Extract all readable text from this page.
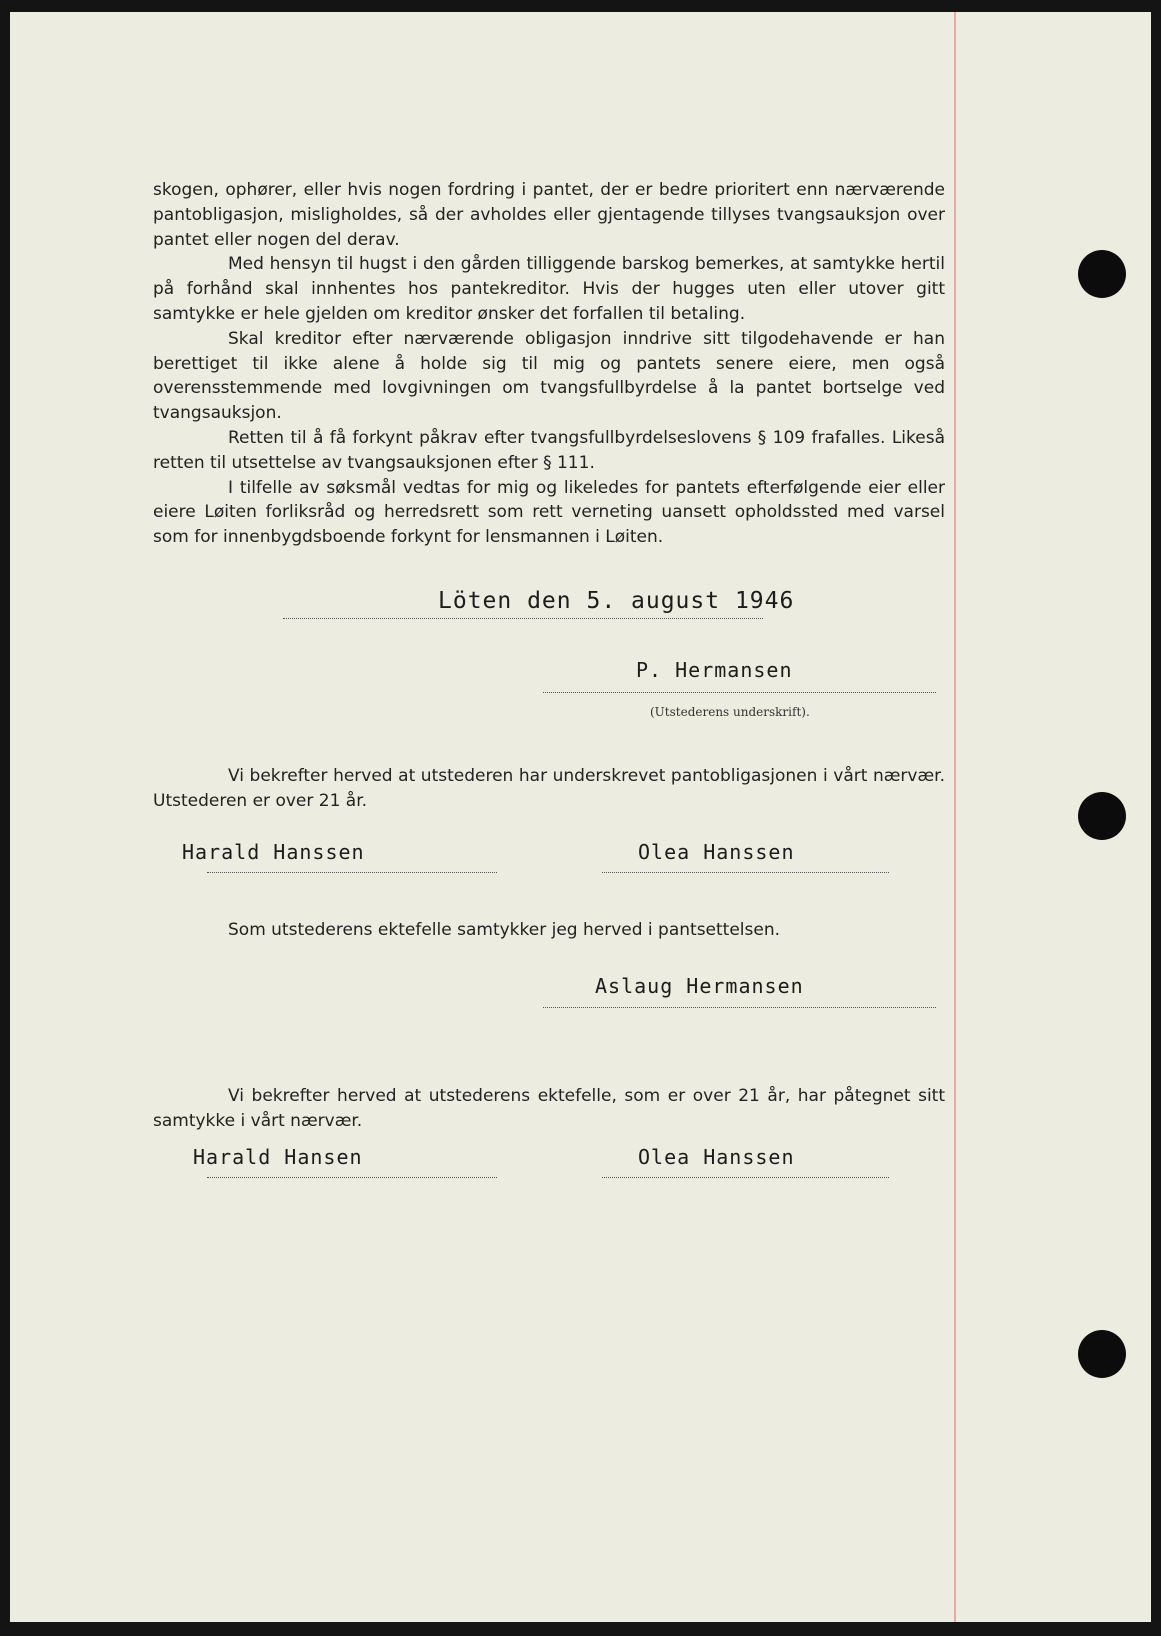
skogen, ophører, eller hvis nogen fordring i pantet, der er bedre prioritert enn nærværende pantobligasjon, misligholdes, så der avholdes eller gjentagende tillyses tvangsauksjon over pantet eller nogen del derav.

Med hensyn til hugst i den gården tilliggende barskog bemerkes, at samtykke hertil på forhånd skal innhentes hos pantekreditor. Hvis der hugges uten eller utover gitt samtykke er hele gjelden om kreditor ønsker det forfallen til betaling.

Skal kreditor efter nærværende obligasjon inndrive sitt tilgodehavende er han berettiget til ikke alene å holde sig til mig og pantets senere eiere, men også overensstemmende med lovgivningen om tvangsfullbyrdelse å la pantet bortselge ved tvangsauksjon.

Retten til å få forkynt påkrav efter tvangsfullbyrdelseslovens § 109 frafalles. Likeså retten til utsettelse av tvangsauksjonen efter § 111.

I tilfelle av søksmål vedtas for mig og likeledes for pantets efterfølgende eier eller eiere Løiten forliksråd og herredsrett som rett verneting uansett opholdssted med varsel som for innenbygdsboende forkynt for lensmannen i Løiten.

Löten den 5. august 1946
P. Hermansen
(Utstederens underskrift).
Vi bekrefter herved at utstederen har underskrevet pantobligasjonen i vårt nærvær. Utstederen er over 21 år.
Harald Hanssen	Olea Hanssen
Som utstederens ektefelle samtykker jeg herved i pantsettelsen.
Aslaug Hermansen
Vi bekrefter herved at utstederens ektefelle, som er over 21 år, har påtegnet sitt samtykke i vårt nærvær.
Harald Hansen	Olea Hanssen
